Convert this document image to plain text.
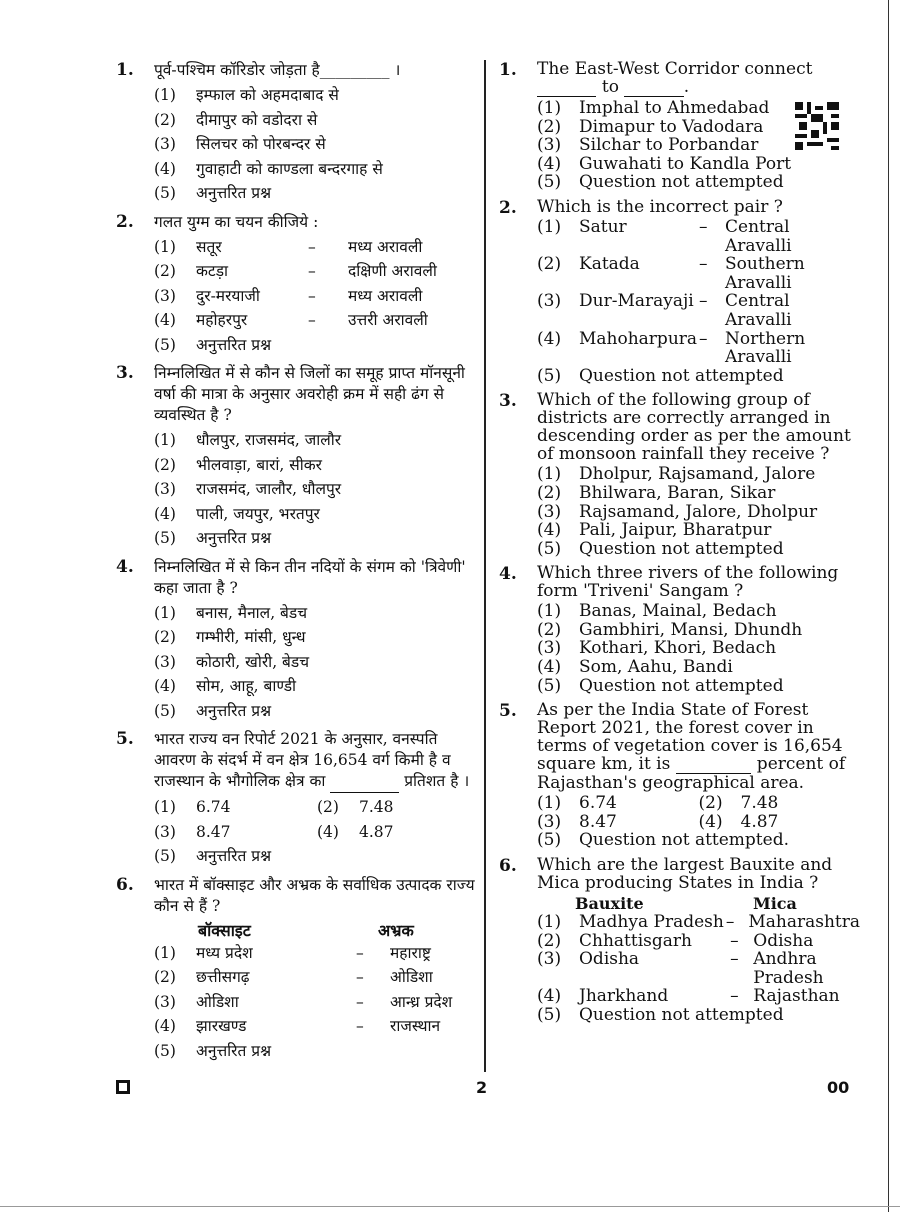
1. पूर्व-पश्चिम कॉरिडोर जोड़ता है_________ ।
(1)	इम्फाल को अहमदाबाद से
(2)	दीमापुर को वडोदरा से
(3)	सिलचर को पोरबन्दर से
(4)	गुवाहाटी को काण्डला बन्दरगाह से
(5)	अनुत्तरित प्रश्न
2. गलत युग्म का चयन कीजिये :
(1)	सतूर	–	मध्य अरावली
(2)	कटड़ा	–	दक्षिणी अरावली
(3)	दुर-मरयाजी	–	मध्य अरावली
(4)	महोहरपुर	–	उत्तरी अरावली
(5)	अनुत्तरित प्रश्न
3. निम्नलिखित में से कौन से जिलों का समूह प्राप्त मॉनसूनी वर्षा की मात्रा के अनुसार अवरोही क्रम में सही ढंग से व्यवस्थित है ?
(1)	धौलपुर, राजसमंद, जालौर
(2)	भीलवाड़ा, बारां, सीकर
(3)	राजसमंद, जालौर, धौलपुर
(4)	पाली, जयपुर, भरतपुर
(5)	अनुत्तरित प्रश्न
4. निम्नलिखित में से किन तीन नदियों के संगम को 'त्रिवेणी' कहा जाता है ?
(1)	बनास, मैनाल, बेडच
(2)	गम्भीरी, मांसी, धुन्ध
(3)	कोठारी, खोरी, बेडच
(4)	सोम, आहू, बाण्डी
(5)	अनुत्तरित प्रश्न
5. भारत राज्य वन रिपोर्ट 2021 के अनुसार, वनस्पति आवरण के संदर्भ में वन क्षेत्र 16,654 वर्ग किमी है व राजस्थान के भौगोलिक क्षेत्र का	प्रतिशत है ।
(1)	6.74	(2)	7.48
(3)	8.47	(4)	4.87
(5)	अनुत्तरित प्रश्न
6. भारत में बॉक्साइट और अभ्रक के सर्वाधिक उत्पादक राज्य कौन से हैं ?
बॉक्साइट	अभ्रक
(1)	मध्य प्रदेश	–	महाराष्ट्र
(2)	छत्तीसगढ़	–	ओडिशा
(3)	ओडिशा	–	आन्ध्र प्रदेश
(4)	झारखण्ड	–	राजस्थान
(5)	अनुत्तरित प्रश्न
1. The East-West Corridor connect
to	.
(1)	Imphal to Ahmedabad
(2)	Dimapur to Vadodara
(3)	Silchar to Porbandar
(4)	Guwahati to Kandla Port
(5)	Question not attempted
2. Which is the incorrect pair ?
(1)	Satur	–	Central Aravalli
(2)	Katada	–	Southern Aravalli
(3)	Dur-Marayaji –	Central Aravalli
(4)	Mahoharpura –	Northern Aravalli
(5)	Question not attempted
3. Which of the following group of districts are correctly arranged in descending order as per the amount of monsoon rainfall they receive ?
(1)	Dholpur, Rajsamand, Jalore
(2)	Bhilwara, Baran, Sikar
(3)	Rajsamand, Jalore, Dholpur
(4)	Pali, Jaipur, Bharatpur
(5)	Question not attempted
4. Which three rivers of the following form 'Triveni' Sangam ?
(1)	Banas, Mainal, Bedach
(2)	Gambhiri, Mansi, Dhundh
(3)	Kothari, Khori, Bedach
(4)	Som, Aahu, Bandi
(5)	Question not attempted
5. As per the India State of Forest Report 2021, the forest cover in terms of vegetation cover is 16,654 square km, it is	percent of Rajasthan's geographical area.
(1)	6.74	(2)	7.48
(3)	8.47	(4)	4.87
(5)	Question not attempted.
6. Which are the largest Bauxite and Mica producing States in India ?
Bauxite	Mica
(1)	Madhya Pradesh – Maharashtra
(2)	Chhattisgarh	– Odisha
(3)	Odisha	– Andhra Pradesh
(4)	Jharkhand	– Rajasthan
(5)	Question not attempted
2	00
